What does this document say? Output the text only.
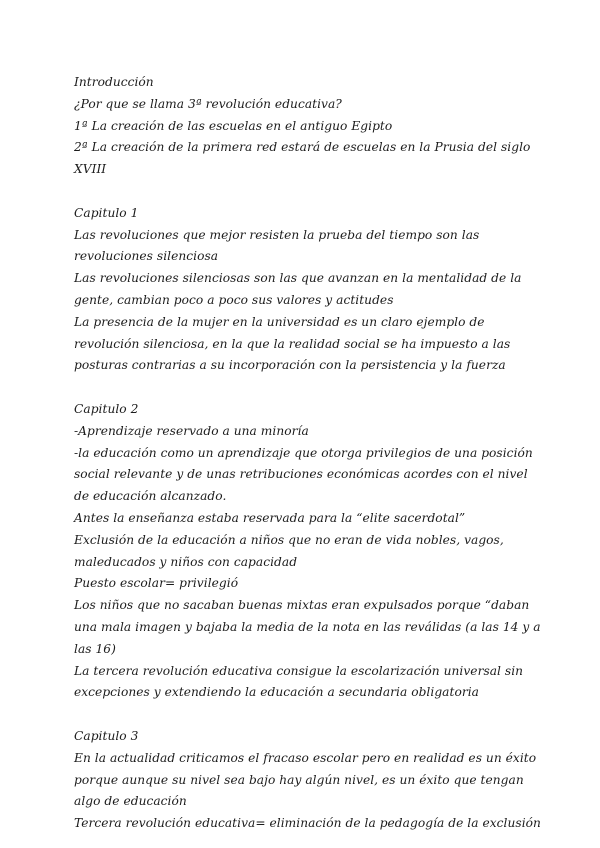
Introducción
¿Por que se llama 3ª revolución educativa?
1ª La creación de las escuelas en el antiguo Egipto
2ª La creación de la primera red estará de escuelas en la Prusia del siglo XVIII
Capitulo 1
Las revoluciones que mejor resisten la prueba del tiempo son las revoluciones silenciosa
Las revoluciones silenciosas son las que avanzan en la mentalidad de la gente, cambian poco a poco sus valores y actitudes
La presencia de la mujer en la universidad es un claro ejemplo de revolución silenciosa, en la que la realidad social se ha impuesto a las posturas contrarias a su incorporación con la persistencia y la fuerza
Capitulo 2
-Aprendizaje reservado a una minoría
-la educación como un aprendizaje que otorga privilegios de una posición social relevante y de unas retribuciones económicas acordes con el nivel de educación alcanzado.
Antes la enseñanza estaba reservada para la “elite sacerdotal”
Exclusión de la educación a niños que no eran de vida nobles, vagos, maleducados y niños con capacidad
Puesto escolar= privilegió
Los niños que no sacaban buenas mixtas eran expulsados porque “daban una mala imagen y bajaba la media de la nota en las reválidas (a las 14 y a las 16)
La tercera revolución educativa consigue la escolarización universal sin excepciones y extendiendo la educación a secundaria obligatoria
Capitulo 3
En la actualidad criticamos el fracaso escolar pero en realidad es un éxito porque aunque su nivel sea bajo hay algún nivel, es un éxito que tengan algo de educación
Tercera revolución educativa= eliminación de la pedagogía de la exclusión
